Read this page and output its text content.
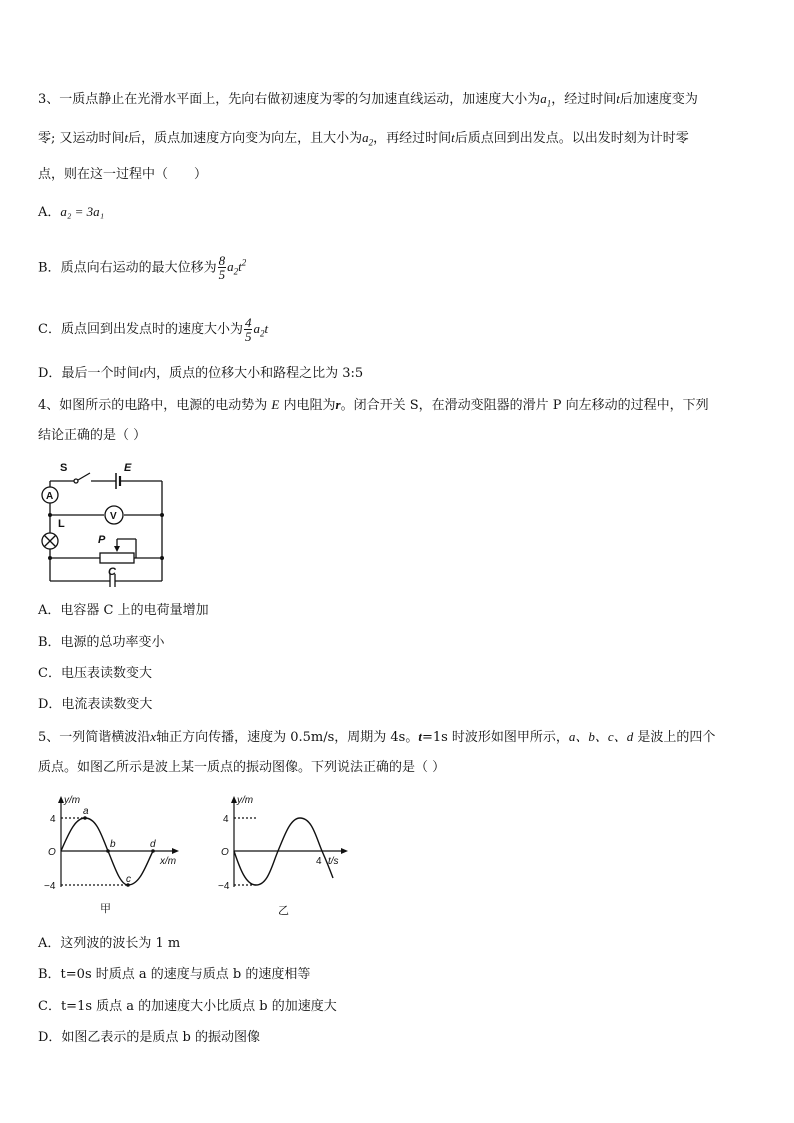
3、一质点静止在光滑水平面上，先向右做初速度为零的匀加速直线运动，加速度大小为$a_1$，经过时间t后加速度变为
零; 又运动时间t后，质点加速度方向变为向左，且大小为$a_2$，再经过时间t后质点回到出发点。以出发时刻为计时零
点，则在这一过程中（　　）
A．a₂ = 3a₁
B．质点向右运动的最大位移为 $\frac{8}{5} a_2t^2$
C．质点回到出发点时的速度大小为 $\frac{4}{5} a_2t$
D．最后一个时间t内，质点的位移大小和路程之比为 3:5
4、如图所示的电路中，电源的电动势为 E 内电阻为r。闭合开关 S，在滑动变阻器的滑片 P 向左移动的过程中，下列
结论正确的是（ ）
S	E
A
V
L
P
C
A．电容器 C 上的电荷量增加
B．电源的总功率变小
C．电压表读数变大
D．电流表读数变大
5、一列简谐横波沿x轴正方向传播，速度为 0.5m/s，周期为 4s。t=1s 时波形如图甲所示，a、b、c、d 是波上的四个
质点。如图乙所示是波上某一质点的振动图像。下列说法正确的是（ ）
y/m
4
−4
O
x/m
a
b
c
d
甲
y/m
4
−4
O
4 t/s
乙
A．这列波的波长为 1 m
B．t=0s 时质点 a 的速度与质点 b 的速度相等
C．t=1s 质点 a 的加速度大小比质点 b 的加速度大
D．如图乙表示的是质点 b 的振动图像
